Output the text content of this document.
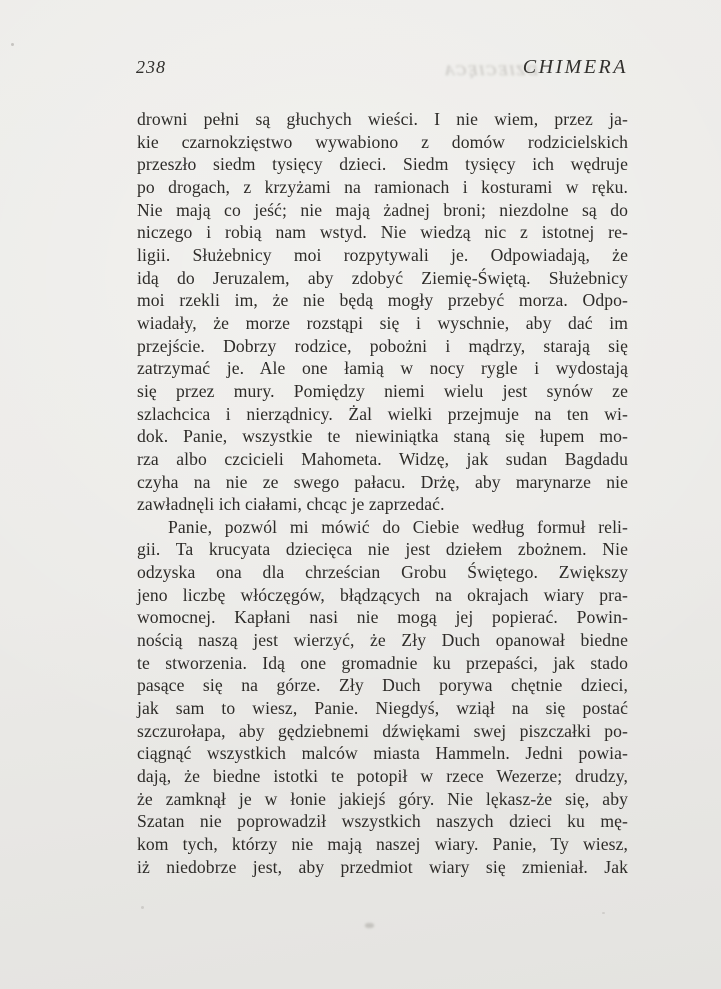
238	CHIMERA
DZIECIĘCA
drowni pełni są głuchych wieści. I nie wiem, przez ja-
kie czarnokzięstwo wywabiono z domów rodzicielskich
przeszło siedm tysięcy dzieci. Siedm tysięcy ich wędruje
po drogach, z krzyżami na ramionach i kosturami w ręku.
Nie mają co jeść; nie mają żadnej broni; niezdolne są do
niczego i robią nam wstyd. Nie wiedzą nic z istotnej re-
ligii. Służebnicy moi rozpytywali je. Odpowiadają, że
idą do Jeruzalem, aby zdobyć Ziemię-Świętą. Służebnicy
moi rzekli im, że nie będą mogły przebyć morza. Odpo-
wiadały, że morze rozstąpi się i wyschnie, aby dać im
przejście. Dobrzy rodzice, pobożni i mądrzy, starają się
zatrzymać je. Ale one łamią w nocy rygle i wydostają
się przez mury. Pomiędzy niemi wielu jest synów ze
szlachcica i nierządnicy. Żal wielki przejmuje na ten wi-
dok. Panie, wszystkie te niewiniątka staną się łupem mo-
rza albo czcicieli Mahometa. Widzę, jak sudan Bagdadu
czyha na nie ze swego pałacu. Drżę, aby marynarze nie
zawładnęli ich ciałami, chcąc je zaprzedać.
Panie, pozwól mi mówić do Ciebie według formuł reli-
gii. Ta krucyata dziecięca nie jest dziełem zbożnem. Nie
odzyska ona dla chrześcian Grobu Świętego. Zwiększy
jeno liczbę włóczęgów, błądzących na okrajach wiary pra-
womocnej. Kapłani nasi nie mogą jej popierać. Powin-
nością naszą jest wierzyć, że Zły Duch opanował biedne
te stworzenia. Idą one gromadnie ku przepaści, jak stado
pasące się na górze. Zły Duch porywa chętnie dzieci,
jak sam to wiesz, Panie. Niegdyś, wziął na się postać
szczurołapa, aby gędziebnemi dźwiękami swej piszczałki po-
ciągnąć wszystkich malców miasta Hammeln. Jedni powia-
dają, że biedne istotki te potopił w rzece Wezerze; drudzy,
że zamknął je w łonie jakiejś góry. Nie lękasz-że się, aby
Szatan nie poprowadził wszystkich naszych dzieci ku mę-
kom tych, którzy nie mają naszej wiary. Panie, Ty wiesz,
iż niedobrze jest, aby przedmiot wiary się zmieniał. Jak
